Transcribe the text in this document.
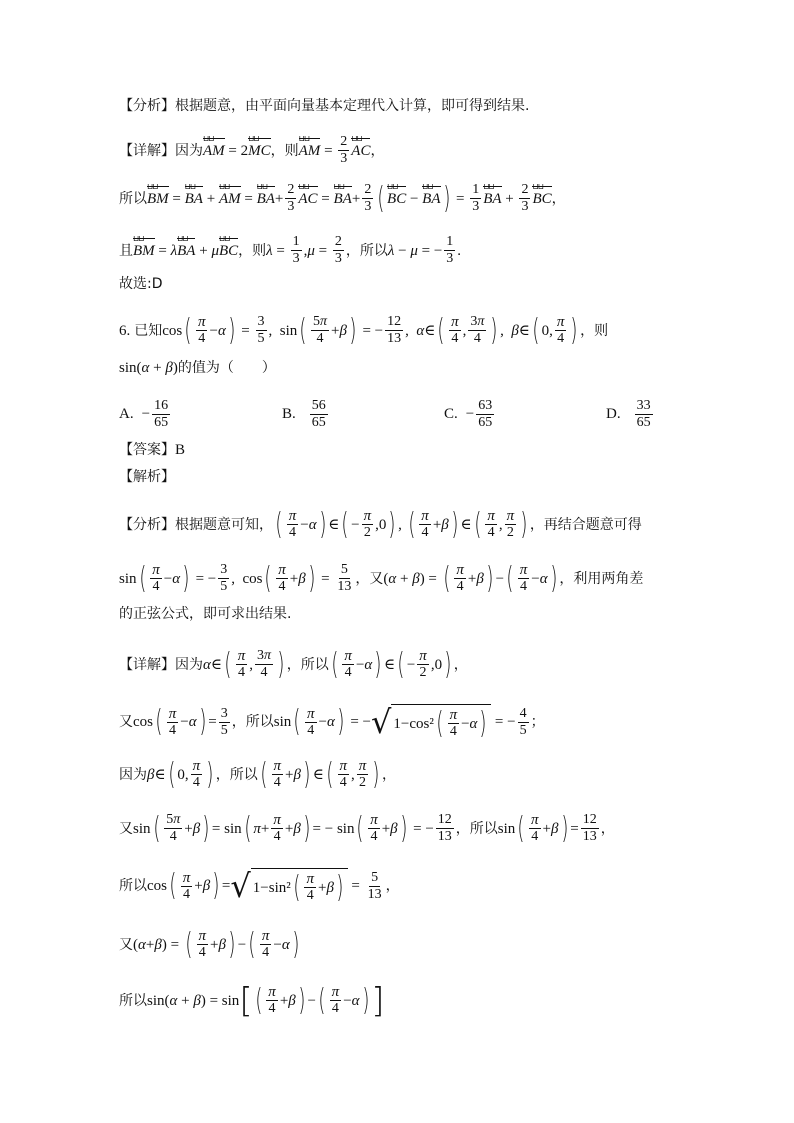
【分析】 根据题意，由平面向量基本定理代入计算，即可得到结果.
【详解】 因为 AM ⊔⊔ = 2 MC ⊔⊔ ，则 AM ⊔⊔ = $\frac{2}{3}$ AC ⊔⊔ ，
所以 BM ⊔⊔ = BA ⊔⊔ + AM ⊔⊔ = BA ⊔⊔ + $\frac{2}{3}$ AC ⊔⊔ = BA ⊔⊔ + $\frac{2}{3}$ ( BC ⊔⊔ − BA ⊔⊔ ) = $\frac{1}{3}$ BA ⊔⊔ + $\frac{2}{3}$ BC ⊔⊔ ，
且 BM ⊔⊔ = λ BA ⊔⊔ + μ BC ⊔⊔ ，则 $\lambda = \frac{1}{3}$ , $\mu = \frac{2}{3}$ ，所以 λ − μ = − $\frac{1}{3}$ .
故选:D
6. 已知 cos ( $\frac{\pi}{4} - \alpha$ ) = $\frac{3}{5}$ ,  sin ( $\frac{5\pi}{4} + \beta$ ) = − $\frac{12}{13}$ , α ∈ ( $\frac{\pi}{4}$ , $\frac{3\pi}{4}$ ) , β ∈ ( 0, $\frac{\pi}{4}$ ) ，则
sin ( α + β ) 的值为（　　）
A. − $\frac{16}{65}$	B. $\frac{56}{65}$	C. − $\frac{63}{65}$	D. $\frac{33}{65}$
【答案】 B
【解析】
【分析】 根据题意可知， ( $\frac{\pi}{4} - \alpha$ ) ∈ ( − $\frac{\pi}{2} ,0$ ) , ( $\frac{\pi}{4} + \beta$ ) ∈ ( $\frac{\pi}{4}$ , $\frac{\pi}{2}$ ) ，再结合题意可得
sin ( $\frac{\pi}{4} - \alpha$ ) = − $\frac{3}{5}$ ,  cos ( $\frac{\pi}{4} + \beta$ ) = $\frac{5}{13}$ ，又 ( α + β ) = ( $\frac{\pi}{4} + \beta$ ) − ( $\frac{\pi}{4} - \alpha$ ) ，利用两角差
的正弦公式，即可求出结果.
【详解】 因为 α ∈ ( $\frac{\pi}{4}$ , $\frac{3\pi}{4}$ ) ，所以 ( $\frac{\pi}{4} - \alpha$ ) ∈ ( − $\frac{\pi}{2} ,0$ ) ，
又 cos ( $\frac{\pi}{4} - \alpha$ ) = $\frac{3}{5}$ ，所以 sin ( $\frac{\pi}{4} - \alpha$ ) = − √ 1−cos² ( $\frac{\pi}{4} - \alpha$ ) = − $\frac{4}{5}$ ；
因为 β ∈ ( 0, $\frac{\pi}{4}$ ) ，所以 ( $\frac{\pi}{4} + \beta$ ) ∈ ( $\frac{\pi}{4}$ , $\frac{\pi}{2}$ ) ，
又 sin ( $\frac{5\pi}{4} + \beta$ ) = sin ( $\pi + \frac{\pi}{4} + \beta$ ) = − sin ( $\frac{\pi}{4} + \beta$ ) = − $\frac{12}{13}$ ，所以 sin ( $\frac{\pi}{4} + \beta$ ) = $\frac{12}{13}$ ，
所以 cos ( $\frac{\pi}{4} + \beta$ ) = √ 1−sin² ( $\frac{\pi}{4} + \beta$ ) = $\frac{5}{13}$ ，
又 ( α + β ) = ( $\frac{\pi}{4} + \beta$ ) − ( $\frac{\pi}{4} - \alpha$ )
所以 sin ( α + β ) = sin [ ( $\frac{\pi}{4} + \beta$ ) − ( $\frac{\pi}{4} - \alpha$ ) ]
